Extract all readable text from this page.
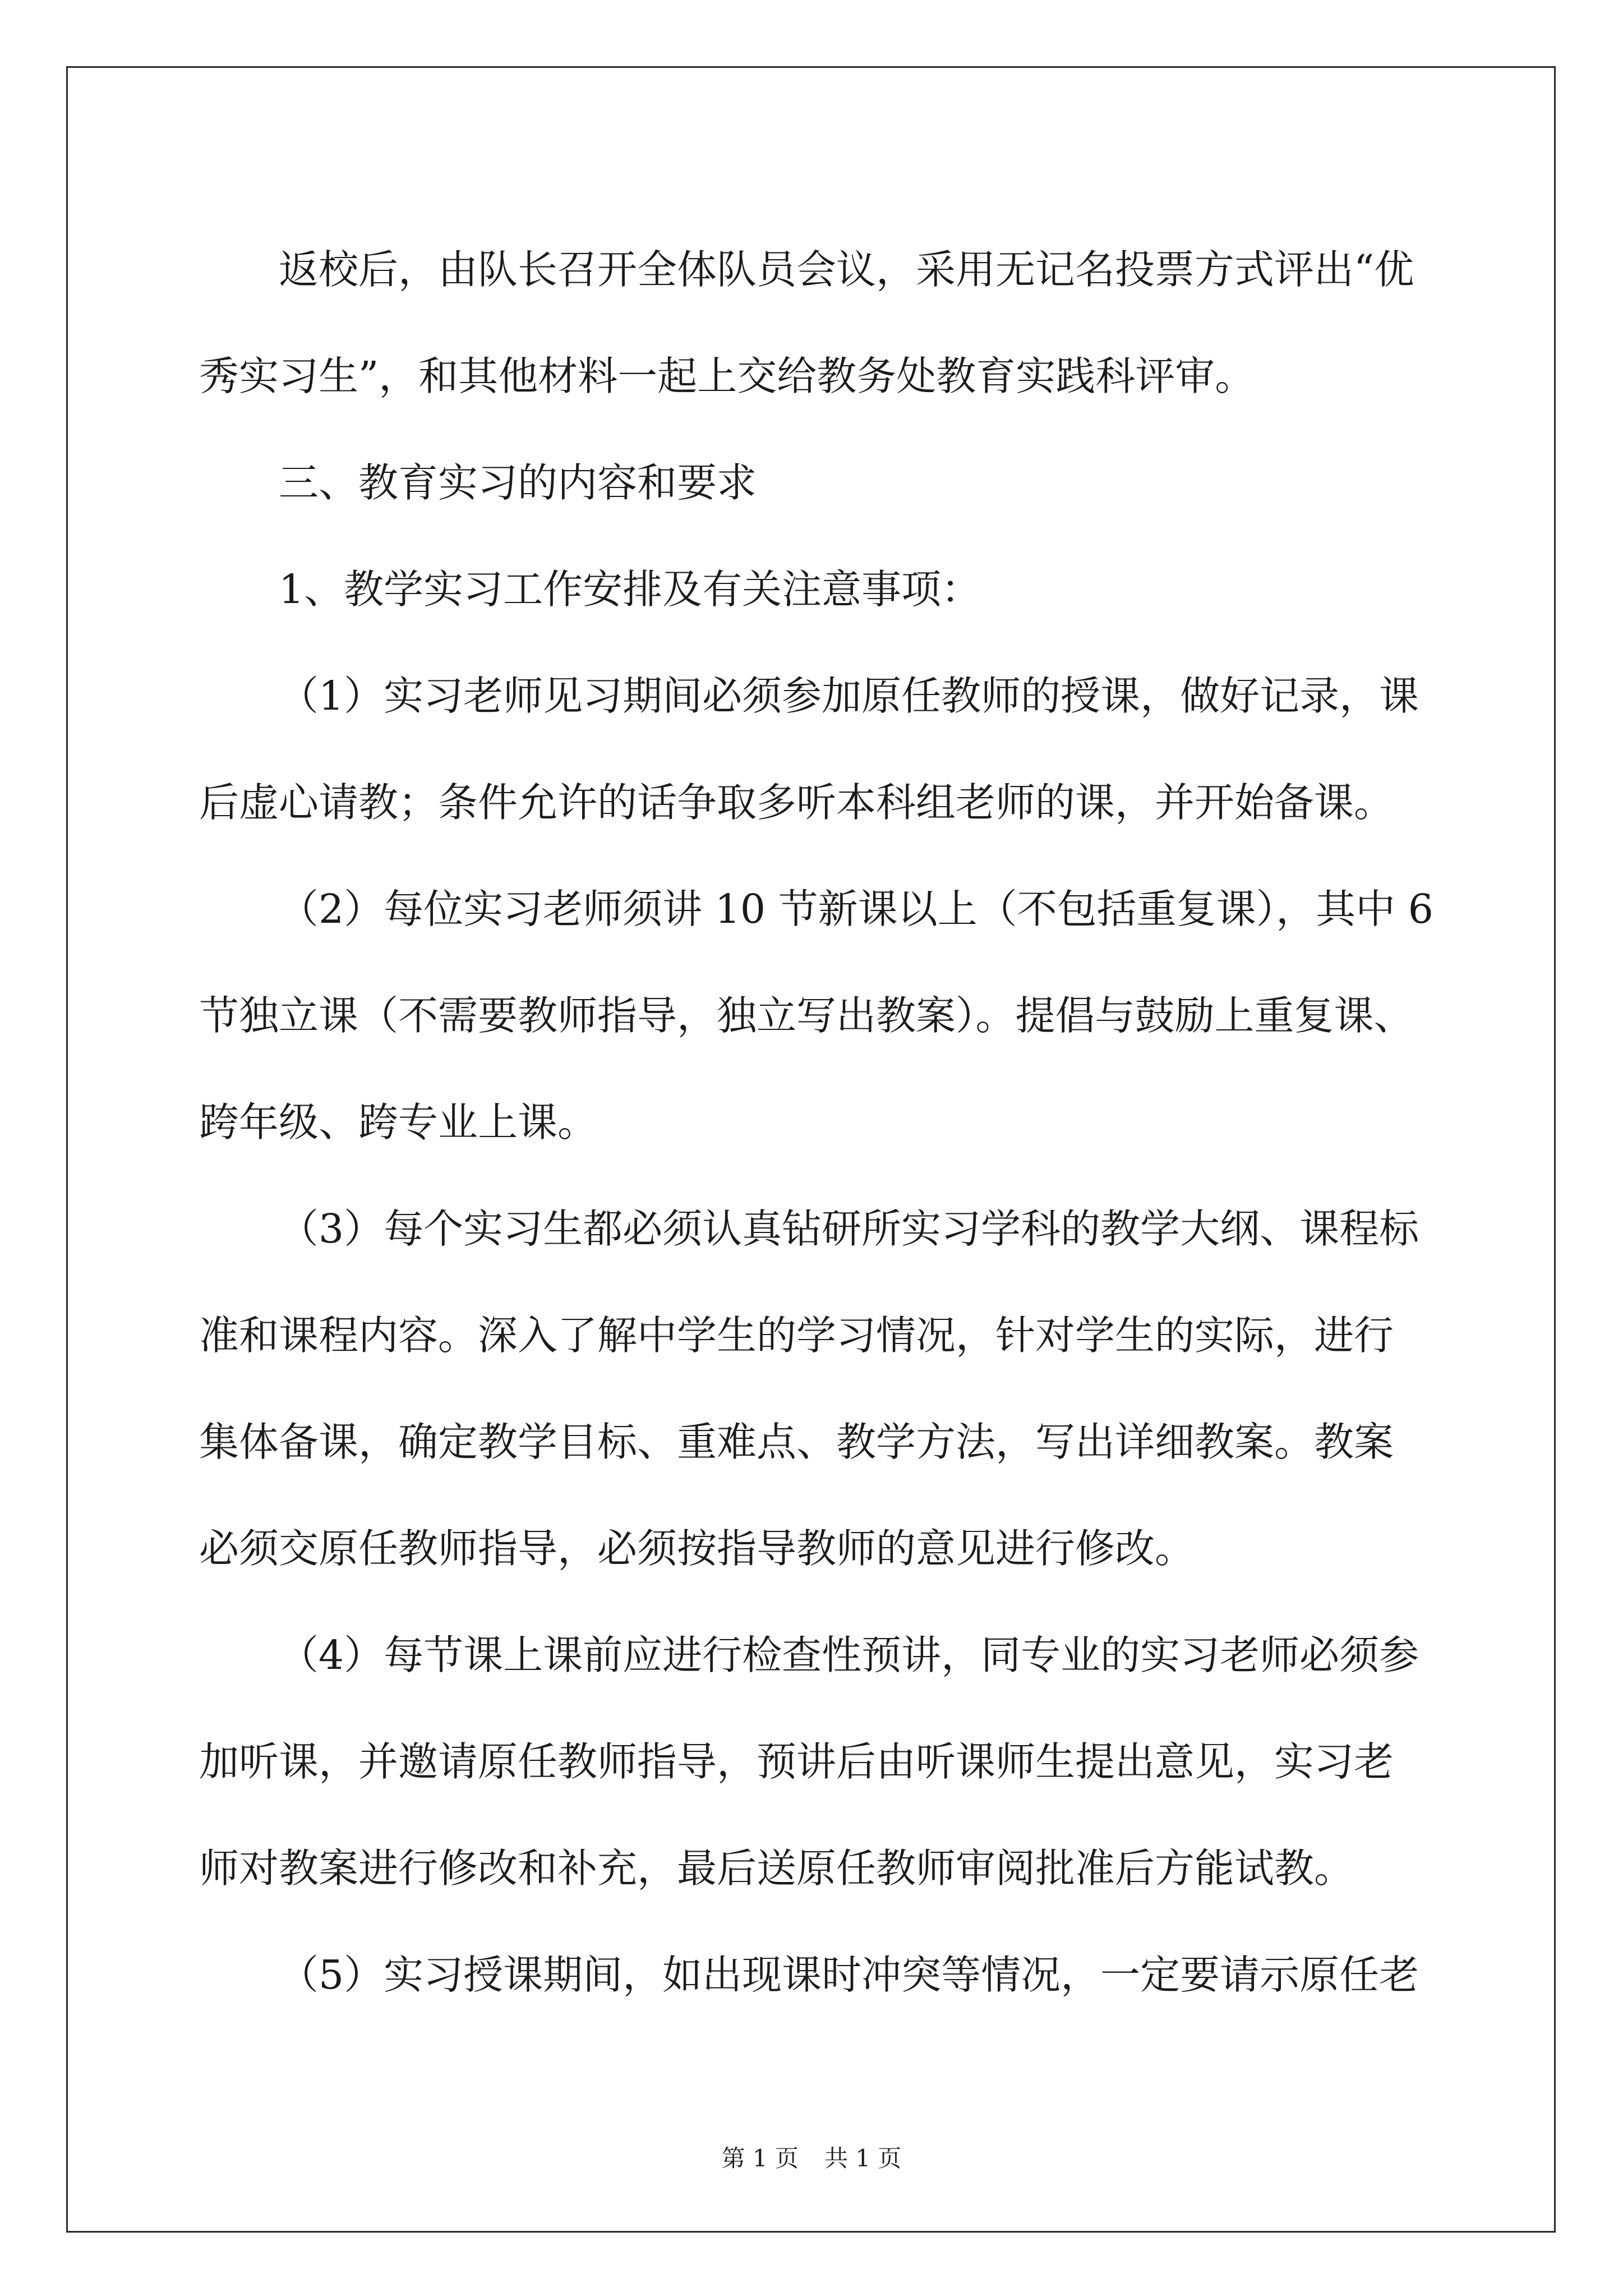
返校后，由队长召开全体队员会议，采用无记名投票方式评出“优
秀实习生”，和其他材料一起上交给教务处教育实践科评审。
三、教育实习的内容和要求
1、教学实习工作安排及有关注意事项：
（1）实习老师见习期间必须参加原任教师的授课，做好记录，课
后虚心请教；条件允许的话争取多听本科组老师的课，并开始备课。
（2）每位实习老师须讲 10 节新课以上（不包括重复课），其中 6
节独立课（不需要教师指导，独立写出教案）。提倡与鼓励上重复课、
跨年级、跨专业上课。
（3）每个实习生都必须认真钻研所实习学科的教学大纲、课程标
准和课程内容。深入了解中学生的学习情况，针对学生的实际，进行
集体备课，确定教学目标、重难点、教学方法，写出详细教案。教案
必须交原任教师指导，必须按指导教师的意见进行修改。
（4）每节课上课前应进行检查性预讲，同专业的实习老师必须参
加听课，并邀请原任教师指导，预讲后由听课师生提出意见，实习老
师对教案进行修改和补充，最后送原任教师审阅批准后方能试教。
（5）实习授课期间，如出现课时冲突等情况，一定要请示原任老
第 1 页 共 1 页
